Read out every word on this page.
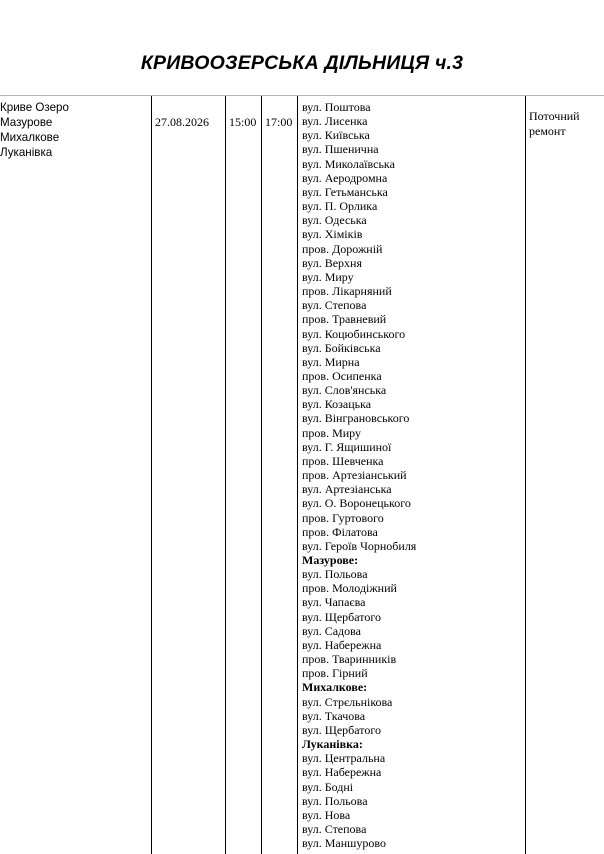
КРИВООЗЕРСЬКА ДІЛЬНИЦЯ ч.3
Криве Озеро
Мазурове
Михалкове
Луканівка
27.08.2026 15:00 17:00
вул. Поштова
вул. Лисенка
вул. Київська
вул. Пшенична
вул. Миколаївська
вул. Аеродромна
вул. Гетьманська
вул. П. Орлика
вул. Одеська
вул. Хіміків
пров. Дорожній
вул. Верхня
вул. Миру
пров. Лікарняний
вул. Степова
пров. Травневий
вул. Коцюбинського
вул. Бойківська
вул. Мирна
пров. Осипенка
вул. Слов'янська
вул. Козацька
вул. Вінграновського
пров. Миру
вул. Г. Ящишиної
пров. Шевченка
пров. Артезіанський
вул. Артезіанська
вул. О. Воронецького
пров. Гуртового
пров. Філатова
вул. Героїв Чорнобиля
Мазурове:
вул. Польова
пров. Молодіжний
вул. Чапаєва
вул. Щербатого
вул. Садова
вул. Набережна
пров. Тваринників
пров. Гірний
Михалкове:
вул. Стрєльнікова
вул. Ткачова
вул. Щербатого
Луканівка:
вул. Центральна
вул. Набережна
вул. Бодні
вул. Польова
вул. Нова
вул. Степова
вул. Маншурово
Поточний
ремонт
